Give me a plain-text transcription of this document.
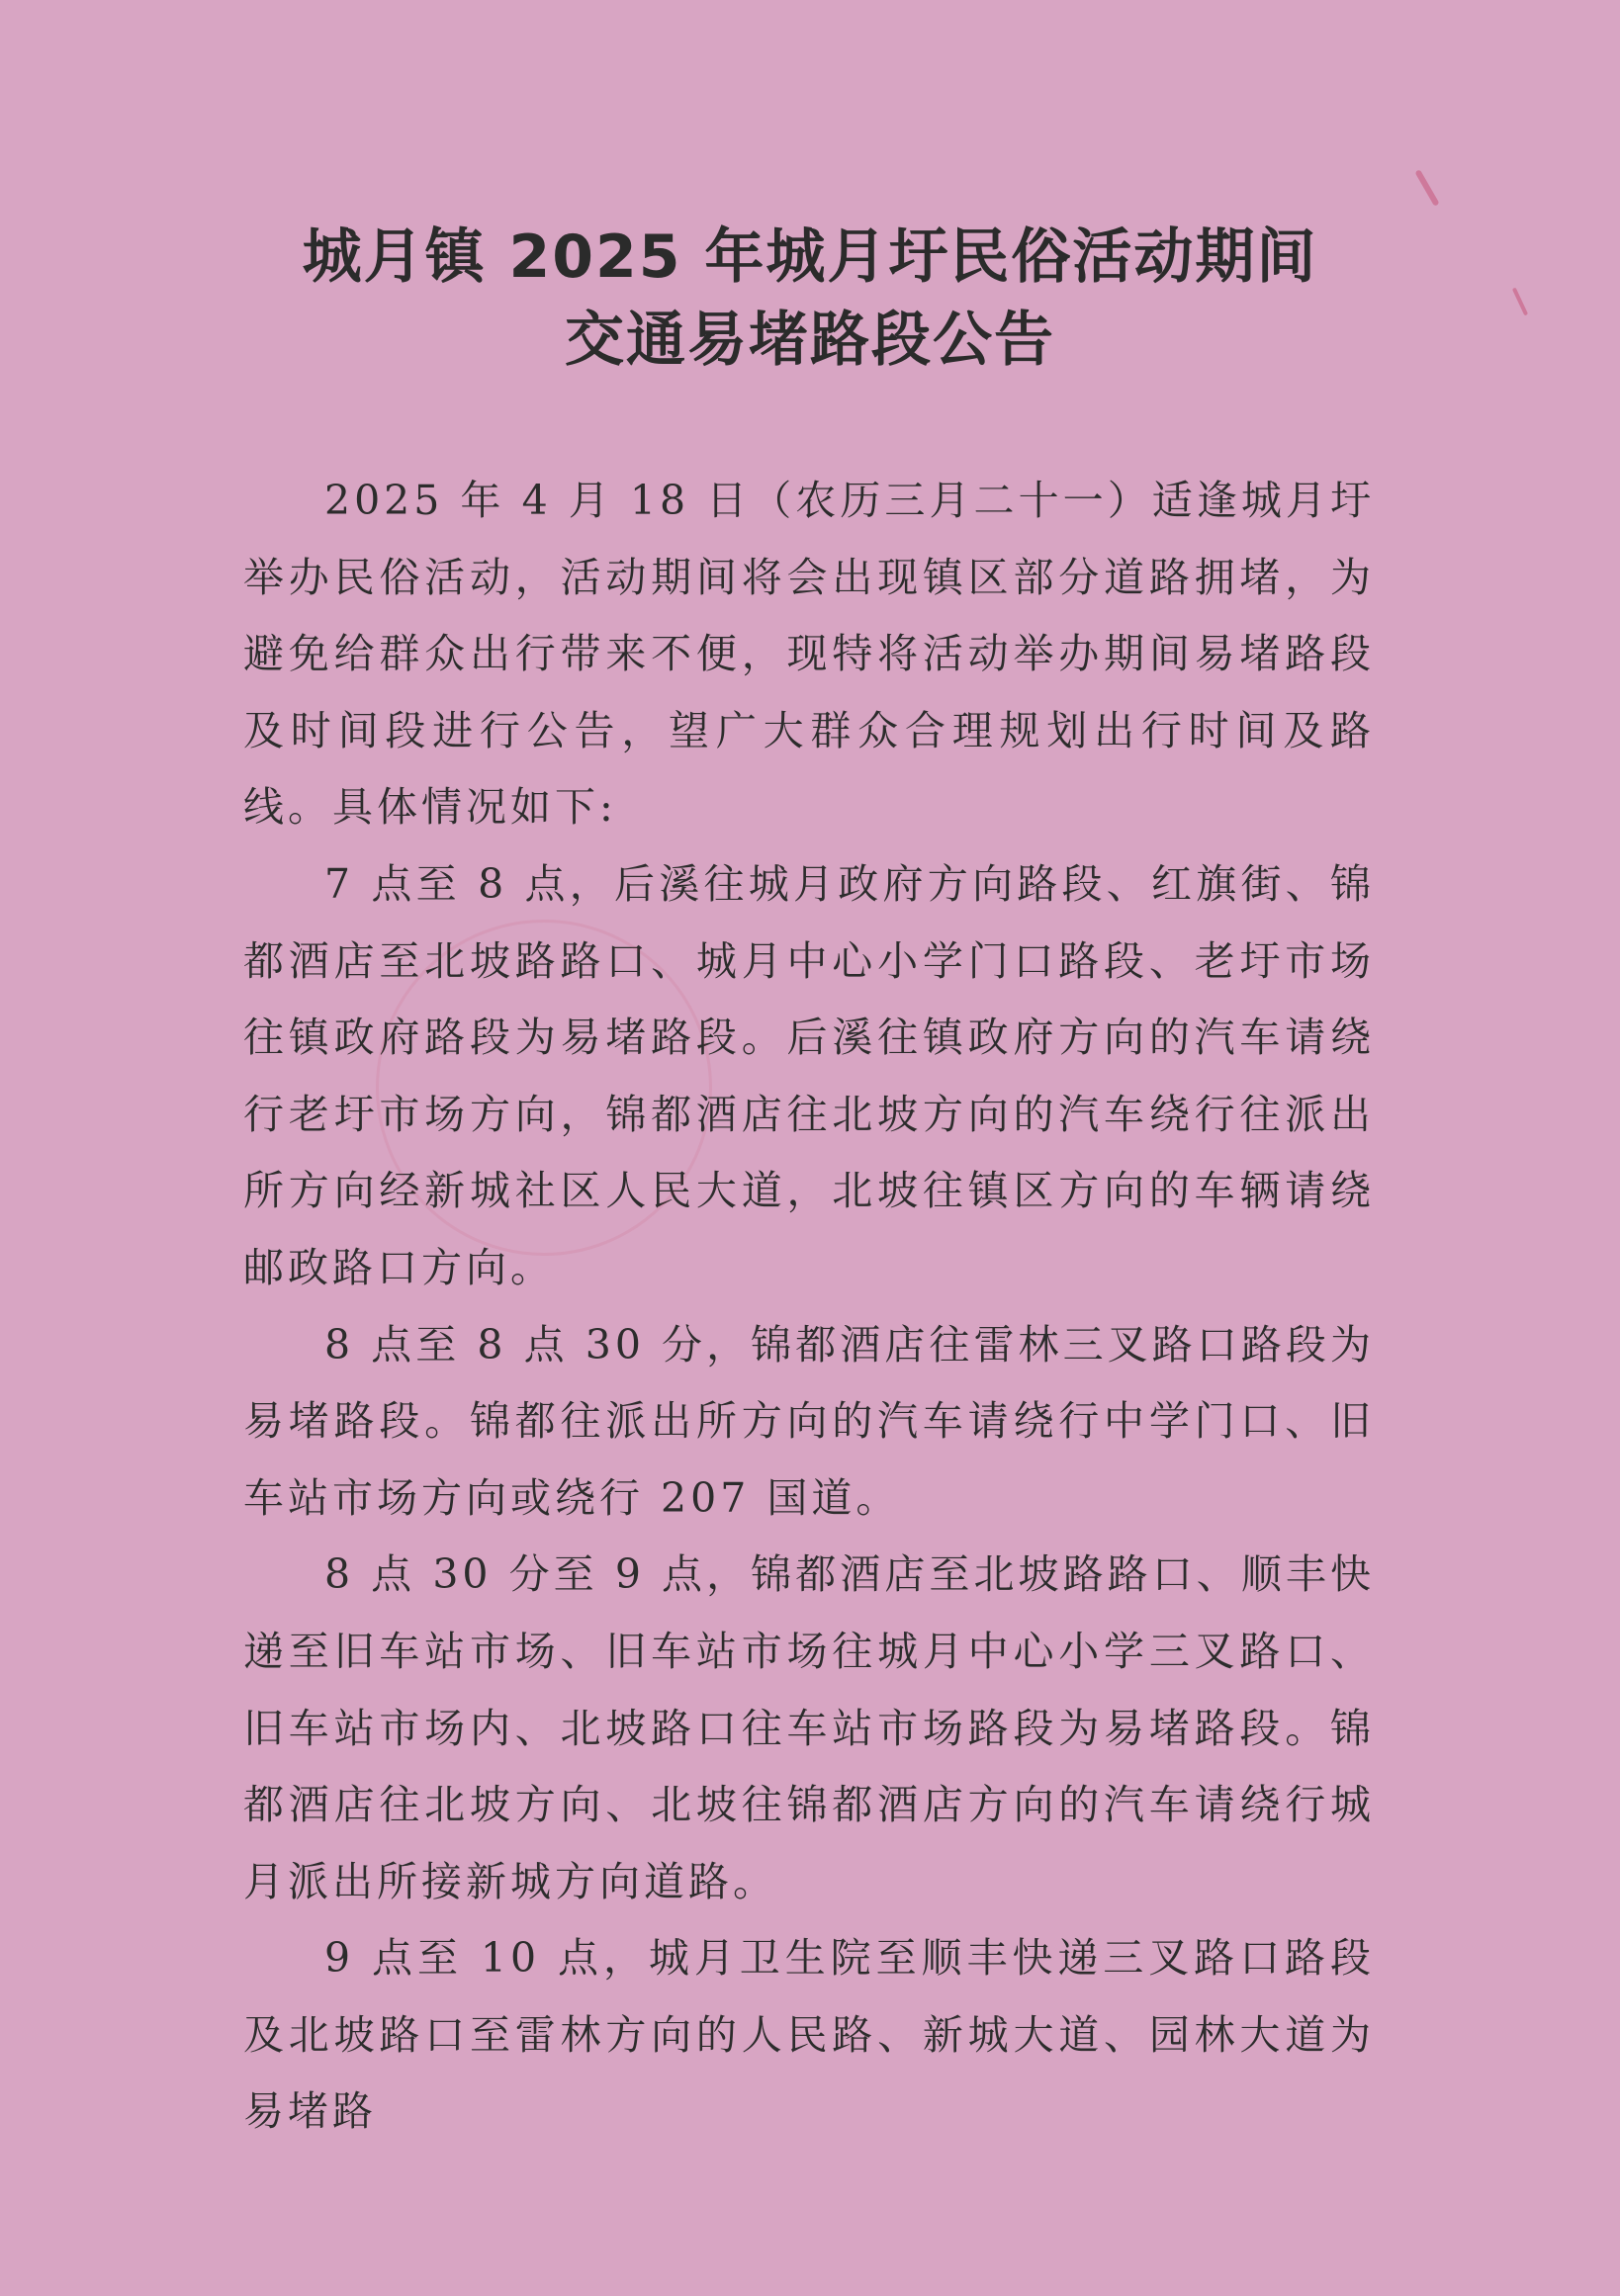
城月镇 2025 年城月圩民俗活动期间
交通易堵路段公告

2025 年 4 月 18 日（农历三月二十一）适逢城月圩举办民俗活动，活动期间将会出现镇区部分道路拥堵，为避免给群众出行带来不便，现特将活动举办期间易堵路段及时间段进行公告，望广大群众合理规划出行时间及路线。具体情况如下:

7 点至 8 点，后溪往城月政府方向路段、红旗街、锦都酒店至北坡路路口、城月中心小学门口路段、老圩市场往镇政府路段为易堵路段。后溪往镇政府方向的汽车请绕行老圩市场方向，锦都酒店往北坡方向的汽车绕行往派出所方向经新城社区人民大道，北坡往镇区方向的车辆请绕邮政路口方向。

8 点至 8 点 30 分，锦都酒店往雷林三叉路口路段为易堵路段。锦都往派出所方向的汽车请绕行中学门口、旧车站市场方向或绕行 207 国道。

8 点 30 分至 9 点，锦都酒店至北坡路路口、顺丰快递至旧车站市场、旧车站市场往城月中心小学三叉路口、旧车站市场内、北坡路口往车站市场路段为易堵路段。锦都酒店往北坡方向、北坡往锦都酒店方向的汽车请绕行城月派出所接新城方向道路。

9 点至 10 点，城月卫生院至顺丰快递三叉路口路段及北坡路口至雷林方向的人民路、新城大道、园林大道为易堵路
